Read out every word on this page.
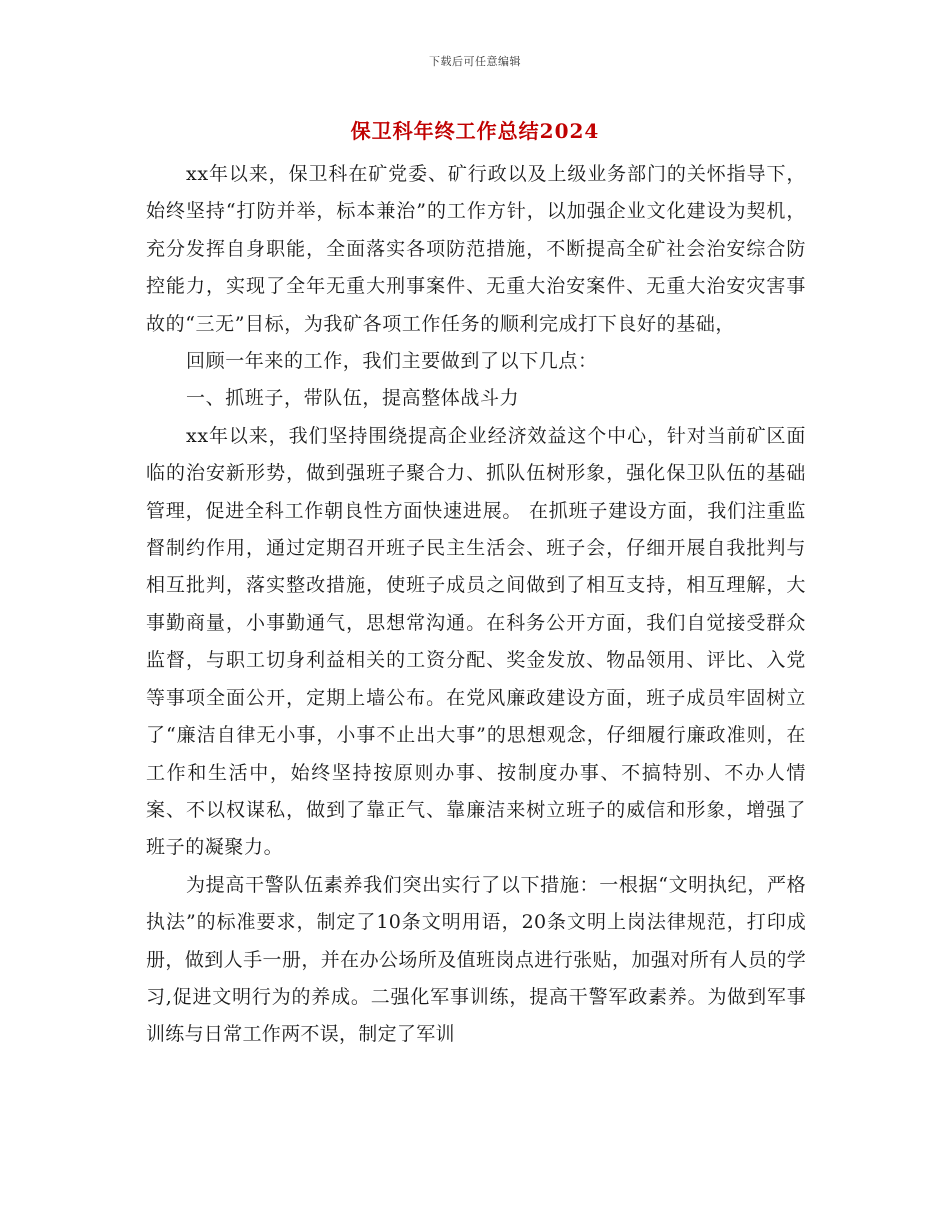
下载后可任意编辑
保卫科年终工作总结2024

xx年以来，保卫科在矿党委、矿行政以及上级业务部门的关怀指导下，始终坚持“打防并举，标本兼治”的工作方针，以加强企业文化建设为契机，充分发挥自身职能，全面落实各项防范措施，不断提高全矿社会治安综合防控能力，实现了全年无重大刑事案件、无重大治安案件、无重大治安灾害事故的“三无”目标，为我矿各项工作任务的顺利完成打下良好的基础，

回顾一年来的工作，我们主要做到了以下几点：

一、抓班子，带队伍，提高整体战斗力

xx年以来，我们坚持围绕提高企业经济效益这个中心，针对当前矿区面临的治安新形势，做到强班子聚合力、抓队伍树形象，强化保卫队伍的基础管理，促进全科工作朝良性方面快速进展。 在抓班子建设方面，我们注重监督制约作用，通过定期召开班子民主生活会、班子会，仔细开展自我批判与相互批判，落实整改措施，使班子成员之间做到了相互支持，相互理解，大事勤商量，小事勤通气，思想常沟通。在科务公开方面，我们自觉接受群众监督，与职工切身利益相关的工资分配、奖金发放、物品领用、评比、入党等事项全面公开，定期上墙公布。在党风廉政建设方面，班子成员牢固树立了“廉洁自律无小事，小事不止出大事”的思想观念，仔细履行廉政准则，在工作和生活中，始终坚持按原则办事、按制度办事、不搞特别、不办人情案、不以权谋私，做到了靠正气、靠廉洁来树立班子的威信和形象，增强了班子的凝聚力。

为提高干警队伍素养我们突出实行了以下措施：一根据“文明执纪，严格执法”的标准要求，制定了10条文明用语，20条文明上岗法律规范，打印成册，做到人手一册，并在办公场所及值班岗点进行张贴，加强对所有人员的学习,促进文明行为的养成。二强化军事训练，提高干警军政素养。为做到军事训练与日常工作两不误，制定了军训
